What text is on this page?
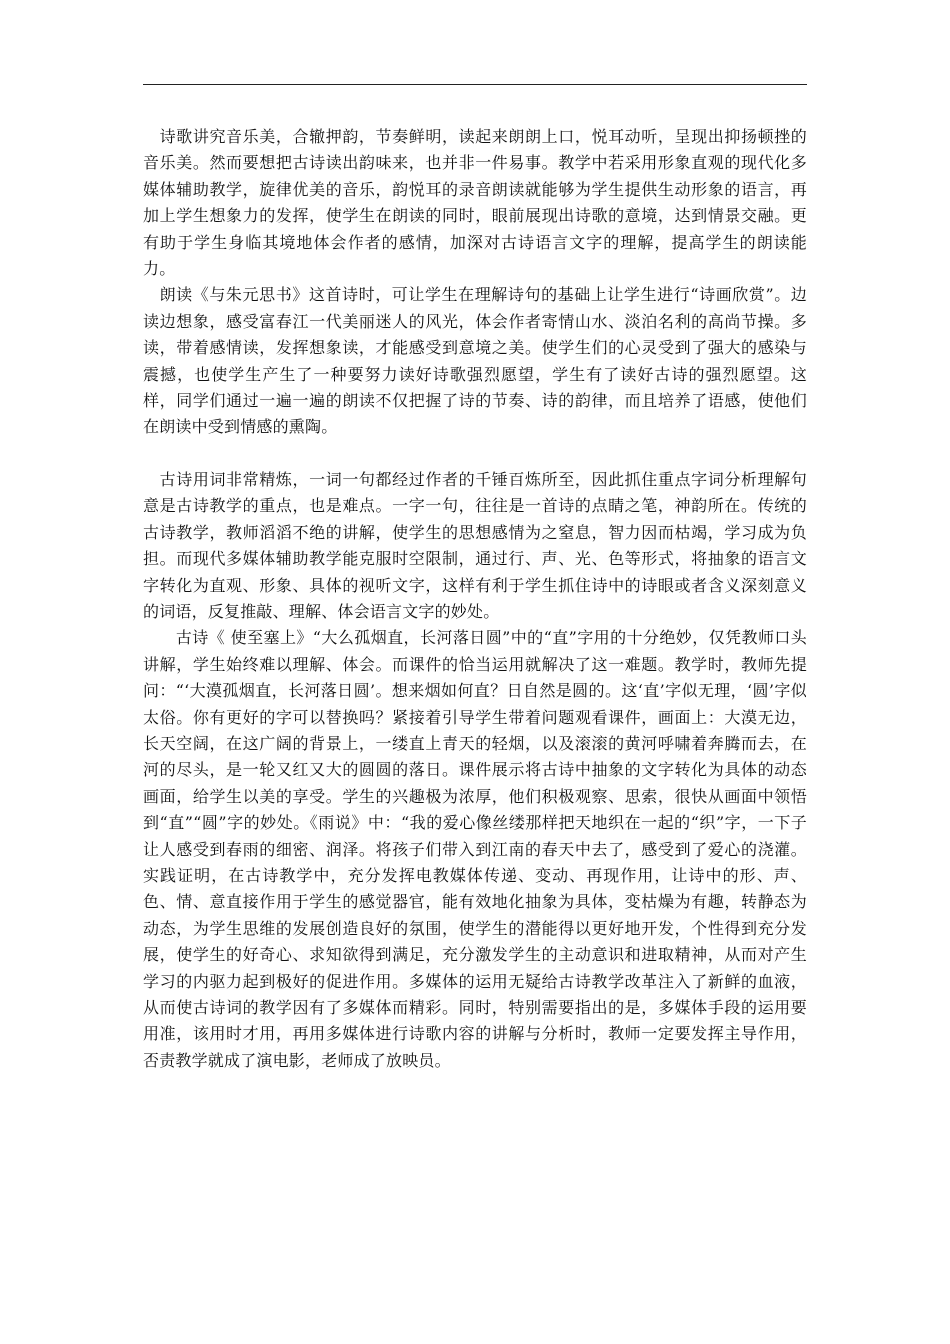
　诗歌讲究音乐美，合辙押韵，节奏鲜明，读起来朗朗上口，悦耳动听，呈现出抑扬顿挫的音乐美。然而要想把古诗读出韵味来，也并非一件易事。教学中若采用形象直观的现代化多媒体辅助教学，旋律优美的音乐，韵悦耳的录音朗读就能够为学生提供生动形象的语言，再加上学生想象力的发挥，使学生在朗读的同时，眼前展现出诗歌的意境，达到情景交融。更有助于学生身临其境地体会作者的感情，加深对古诗语言文字的理解，提高学生的朗读能力。

　朗读《与朱元思书》这首诗时，可让学生在理解诗句的基础上让学生进行“诗画欣赏”。边读边想象，感受富春江一代美丽迷人的风光，体会作者寄情山水、淡泊名利的高尚节操。多读，带着感情读，发挥想象读，才能感受到意境之美。使学生们的心灵受到了强大的感染与震撼，也使学生产生了一种要努力读好诗歌强烈愿望，学生有了读好古诗的强烈愿望。这样，同学们通过一遍一遍的朗读不仅把握了诗的节奏、诗的韵律，而且培养了语感，使他们在朗读中受到情感的熏陶。

　古诗用词非常精炼，一词一句都经过作者的千锤百炼所至，因此抓住重点字词分析理解句意是古诗教学的重点，也是难点。一字一句，往往是一首诗的点睛之笔，神韵所在。传统的古诗教学，教师滔滔不绝的讲解，使学生的思想感情为之窒息，智力因而枯竭，学习成为负担。而现代多媒体辅助教学能克服时空限制，通过行、声、光、色等形式，将抽象的语言文字转化为直观、形象、具体的视听文字，这样有利于学生抓住诗中的诗眼或者含义深刻意义的词语，反复推敲、理解、体会语言文字的妙处。

　　古诗《 使至塞上》“大么孤烟直，长河落日圆”中的“直”字用的十分绝妙，仅凭教师口头讲解，学生始终难以理解、体会。而课件的恰当运用就解决了这一难题。教学时，教师先提问：“‘大漠孤烟直，长河落日圆’。想来烟如何直？日自然是圆的。这‘直’字似无理，‘圆’字似太俗。你有更好的字可以替换吗？紧接着引导学生带着问题观看课件，画面上：大漠无边，长天空阔，在这广阔的背景上，一缕直上青天的轻烟，以及滚滚的黄河呼啸着奔腾而去，在河的尽头，是一轮又红又大的圆圆的落日。课件展示将古诗中抽象的文字转化为具体的动态画面，给学生以美的享受。学生的兴趣极为浓厚，他们积极观察、思索，很快从画面中领悟到“直”“圆”字的妙处。《雨说》中：“我的爱心像丝缕那样把天地织在一起的“织”字，一下子让人感受到春雨的细密、润泽。将孩子们带入到江南的春天中去了，感受到了爱心的浇灌。实践证明，在古诗教学中，充分发挥电教媒体传递、变动、再现作用，让诗中的形、声、色、情、意直接作用于学生的感觉器官，能有效地化抽象为具体，变枯燥为有趣，转静态为动态，为学生思维的发展创造良好的氛围，使学生的潜能得以更好地开发，个性得到充分发展，使学生的好奇心、求知欲得到满足，充分激发学生的主动意识和进取精神，从而对产生学习的内驱力起到极好的促进作用。多媒体的运用无疑给古诗教学改革注入了新鲜的血液，从而使古诗词的教学因有了多媒体而精彩。同时，特别需要指出的是，多媒体手段的运用要用准，该用时才用，再用多媒体进行诗歌内容的讲解与分析时，教师一定要发挥主导作用，否责教学就成了演电影，老师成了放映员。
